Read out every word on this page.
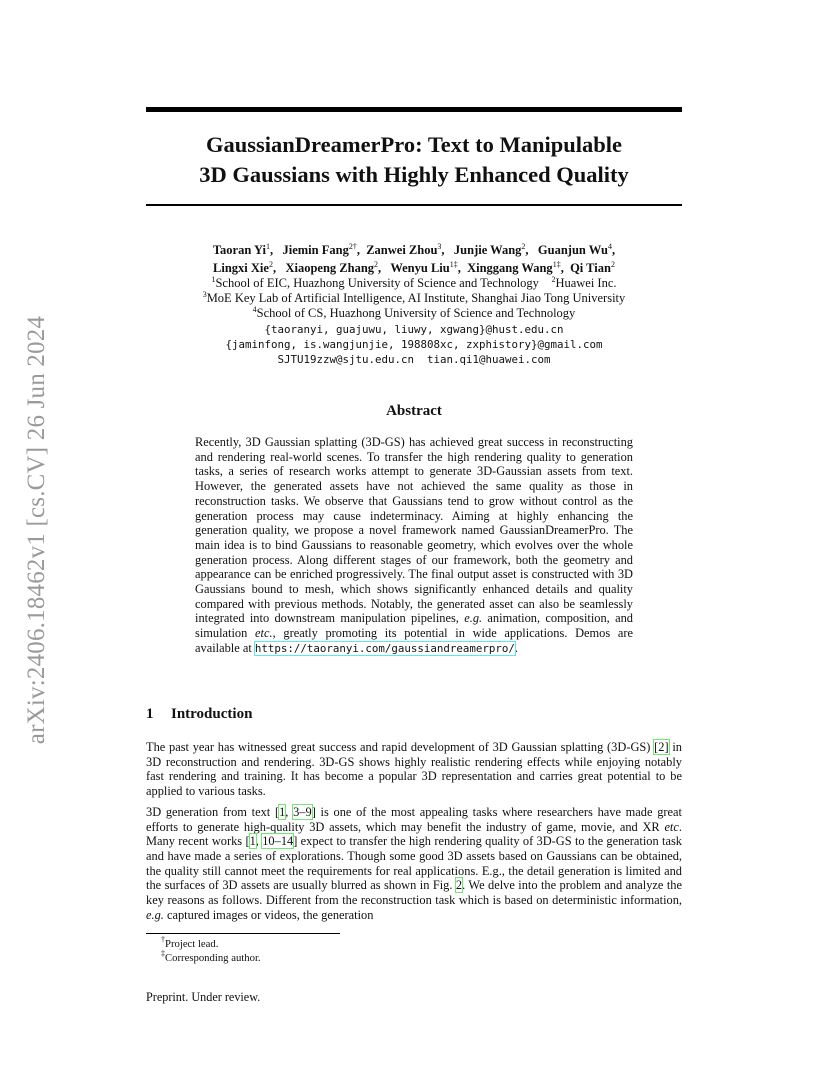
arXiv:2406.18462v1 [cs.CV] 26 Jun 2024
GaussianDreamerPro: Text to Manipulable
3D Gaussians with Highly Enhanced Quality
Taoran Yi$^1$,   Jiemin Fang$^{2\dagger}$,  Zanwei Zhou$^3$,   Junjie Wang$^2$,   Guanjun Wu$^4$,
Lingxi Xie$^2$,   Xiaopeng Zhang$^2$,   Wenyu Liu$^{1\ddagger}$,  Xinggang Wang$^{1\ddagger}$,  Qi Tian$^2$
$^1$School of EIC, Huazhong University of Science and Technology $^2$Huawei Inc.
$^3$MoE Key Lab of Artificial Intelligence, AI Institute, Shanghai Jiao Tong University
$^4$School of CS, Huazhong University of Science and Technology
{taoranyi, guajuwu, liuwy, xgwang}@hust.edu.cn
{jaminfong, is.wangjunjie, 198808xc, zxphistory}@gmail.com
SJTU19zzw@sjtu.edu.cn  tian.qi1@huawei.com
Abstract
Recently, 3D Gaussian splatting (3D-GS) has achieved great success in reconstructing and rendering real-world scenes. To transfer the high rendering quality to generation tasks, a series of research works attempt to generate 3D-Gaussian assets from text. However, the generated assets have not achieved the same quality as those in reconstruction tasks. We observe that Gaussians tend to grow without control as the generation process may cause indeterminacy. Aiming at highly enhancing the generation quality, we propose a novel framework named GaussianDreamerPro. The main idea is to bind Gaussians to reasonable geometry, which evolves over the whole generation process. Along different stages of our framework, both the geometry and appearance can be enriched progressively. The final output asset is constructed with 3D Gaussians bound to mesh, which shows significantly enhanced details and quality compared with previous methods. Notably, the generated asset can also be seamlessly integrated into downstream manipulation pipelines, e.g. animation, composition, and simulation etc., greatly promoting its potential in wide applications. Demos are available at https://taoranyi.com/gaussiandreamerpro/.
1 Introduction

The past year has witnessed great success and rapid development of 3D Gaussian splatting (3D-GS) [2] in 3D reconstruction and rendering. 3D-GS shows highly realistic rendering effects while enjoying notably fast rendering and training. It has become a popular 3D representation and carries great potential to be applied to various tasks.

3D generation from text [1, 3–9] is one of the most appealing tasks where researchers have made great efforts to generate high-quality 3D assets, which may benefit the industry of game, movie, and XR etc. Many recent works [1, 10–14] expect to transfer the high rendering quality of 3D-GS to the generation task and have made a series of explorations. Though some good 3D assets based on Gaussians can be obtained, the quality still cannot meet the requirements for real applications. E.g., the detail generation is limited and the surfaces of 3D assets are usually blurred as shown in Fig. 2. We delve into the problem and analyze the key reasons as follows. Different from the reconstruction task which is based on deterministic information, e.g. captured images or videos, the generation

†Project lead.
‡Corresponding author.
Preprint. Under review.
